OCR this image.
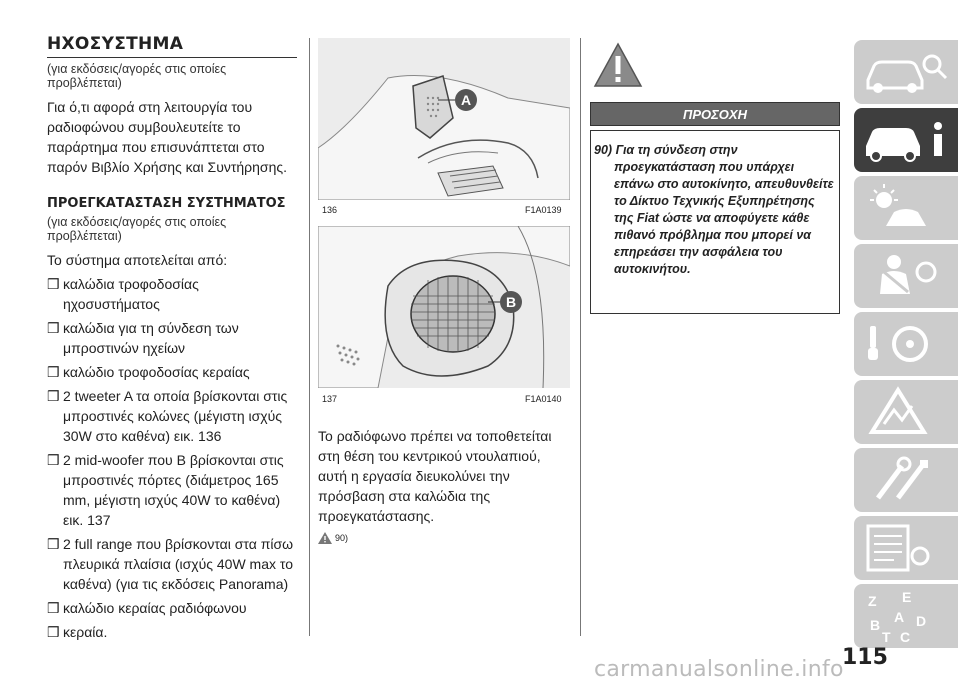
ΗΧΟΣΥΣΤΗΜΑ
(για εκδόσεις/αγορές στις οποίες προβλέπεται)
Για ό,τι αφορά στη λειτουργία του ραδιοφώνου συμβουλευτείτε το παράρτημα που επισυνάπτεται στο παρόν Βιβλίο Χρήσης και Συντήρησης.
ΠΡΟΕΓΚΑΤΑΣΤΑΣΗ ΣΥΣΤΗΜΑΤΟΣ
(για εκδόσεις/αγορές στις οποίες προβλέπεται)
Το σύστημα αποτελείται από:
❒ καλώδια τροφοδοσίας ηχοσυστήματος
❒ καλώδια για τη σύνδεση των μπροστινών ηχείων
❒ καλώδιο τροφοδοσίας κεραίας
❒ 2 tweeter A τα οποία βρίσκονται στις μπροστινές κολώνες (μέγιστη ισχύς 30W στο καθένα) εικ. 136
❒ 2 mid-woofer που Β βρίσκονται στις μπροστινές πόρτες (διάμετρος 165 mm, μέγιστη ισχύς 40W το καθένα) εικ. 137
❒ 2 full range που βρίσκονται στα πίσω πλευρικά πλαίσια (ισχύς 40W max το καθένα) (για τις εκδόσεις Panorama)
❒ καλώδιο κεραίας ραδιόφωνου
❒ κεραία.
A
136	F1A0139
B
137	F1A0140
Το ραδιόφωνο πρέπει να τοποθετείται στη θέση του κεντρικού ντουλαπιού, αυτή η εργασία διευκολύνει την πρόσβαση στα καλώδια της προεγκατάστασης.
90)
ΠΡΟΣΟΧΗ
90) Για τη σύνδεση στην
προεγκατάσταση που υπάρχει επάνω στο αυτοκίνητο, απευθυνθείτε το Δίκτυο Τεχνικής Εξυπηρέτησης της Fiat ώστε να αποφύγετε κάθε πιθανό πρόβλημα που μπορεί να επηρεάσει την ασφάλεια του αυτοκινήτου.
Z E
B A D
T C
115
carmanualsonline.info
